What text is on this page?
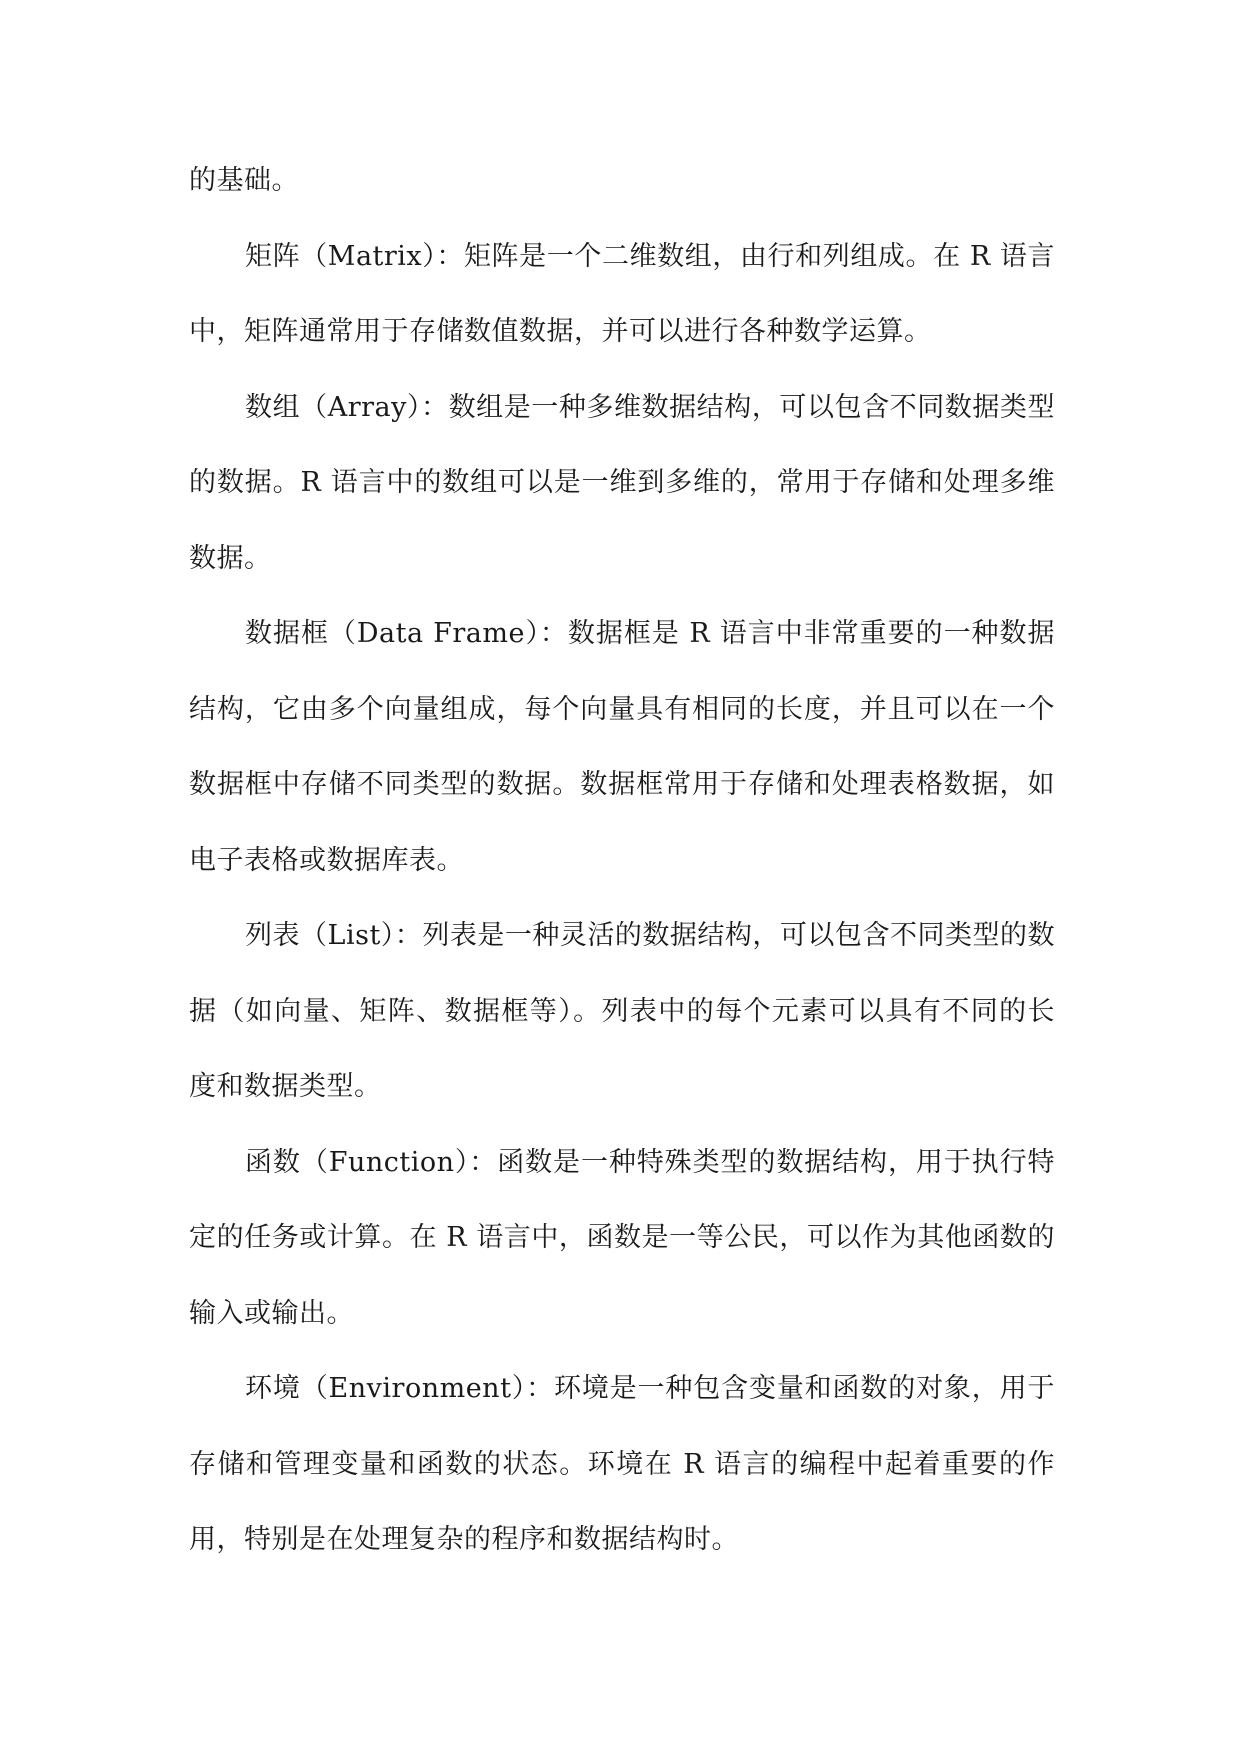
的基础。

矩阵（Matrix）：矩阵是一个二维数组，由行和列组成。在 R 语言中，矩阵通常用于存储数值数据，并可以进行各种数学运算。

数组（Array）：数组是一种多维数据结构，可以包含不同数据类型的数据。R 语言中的数组可以是一维到多维的，常用于存储和处理多维数据。

数据框（Data Frame）：数据框是 R 语言中非常重要的一种数据结构，它由多个向量组成，每个向量具有相同的长度，并且可以在一个数据框中存储不同类型的数据。数据框常用于存储和处理表格数据，如电子表格或数据库表。

列表（List）：列表是一种灵活的数据结构，可以包含不同类型的数据（如向量、矩阵、数据框等）。列表中的每个元素可以具有不同的长度和数据类型。

函数（Function）：函数是一种特殊类型的数据结构，用于执行特定的任务或计算。在 R 语言中，函数是一等公民，可以作为其他函数的输入或输出。

环境（Environment）：环境是一种包含变量和函数的对象，用于存储和管理变量和函数的状态。环境在 R 语言的编程中起着重要的作用，特别是在处理复杂的程序和数据结构时。
